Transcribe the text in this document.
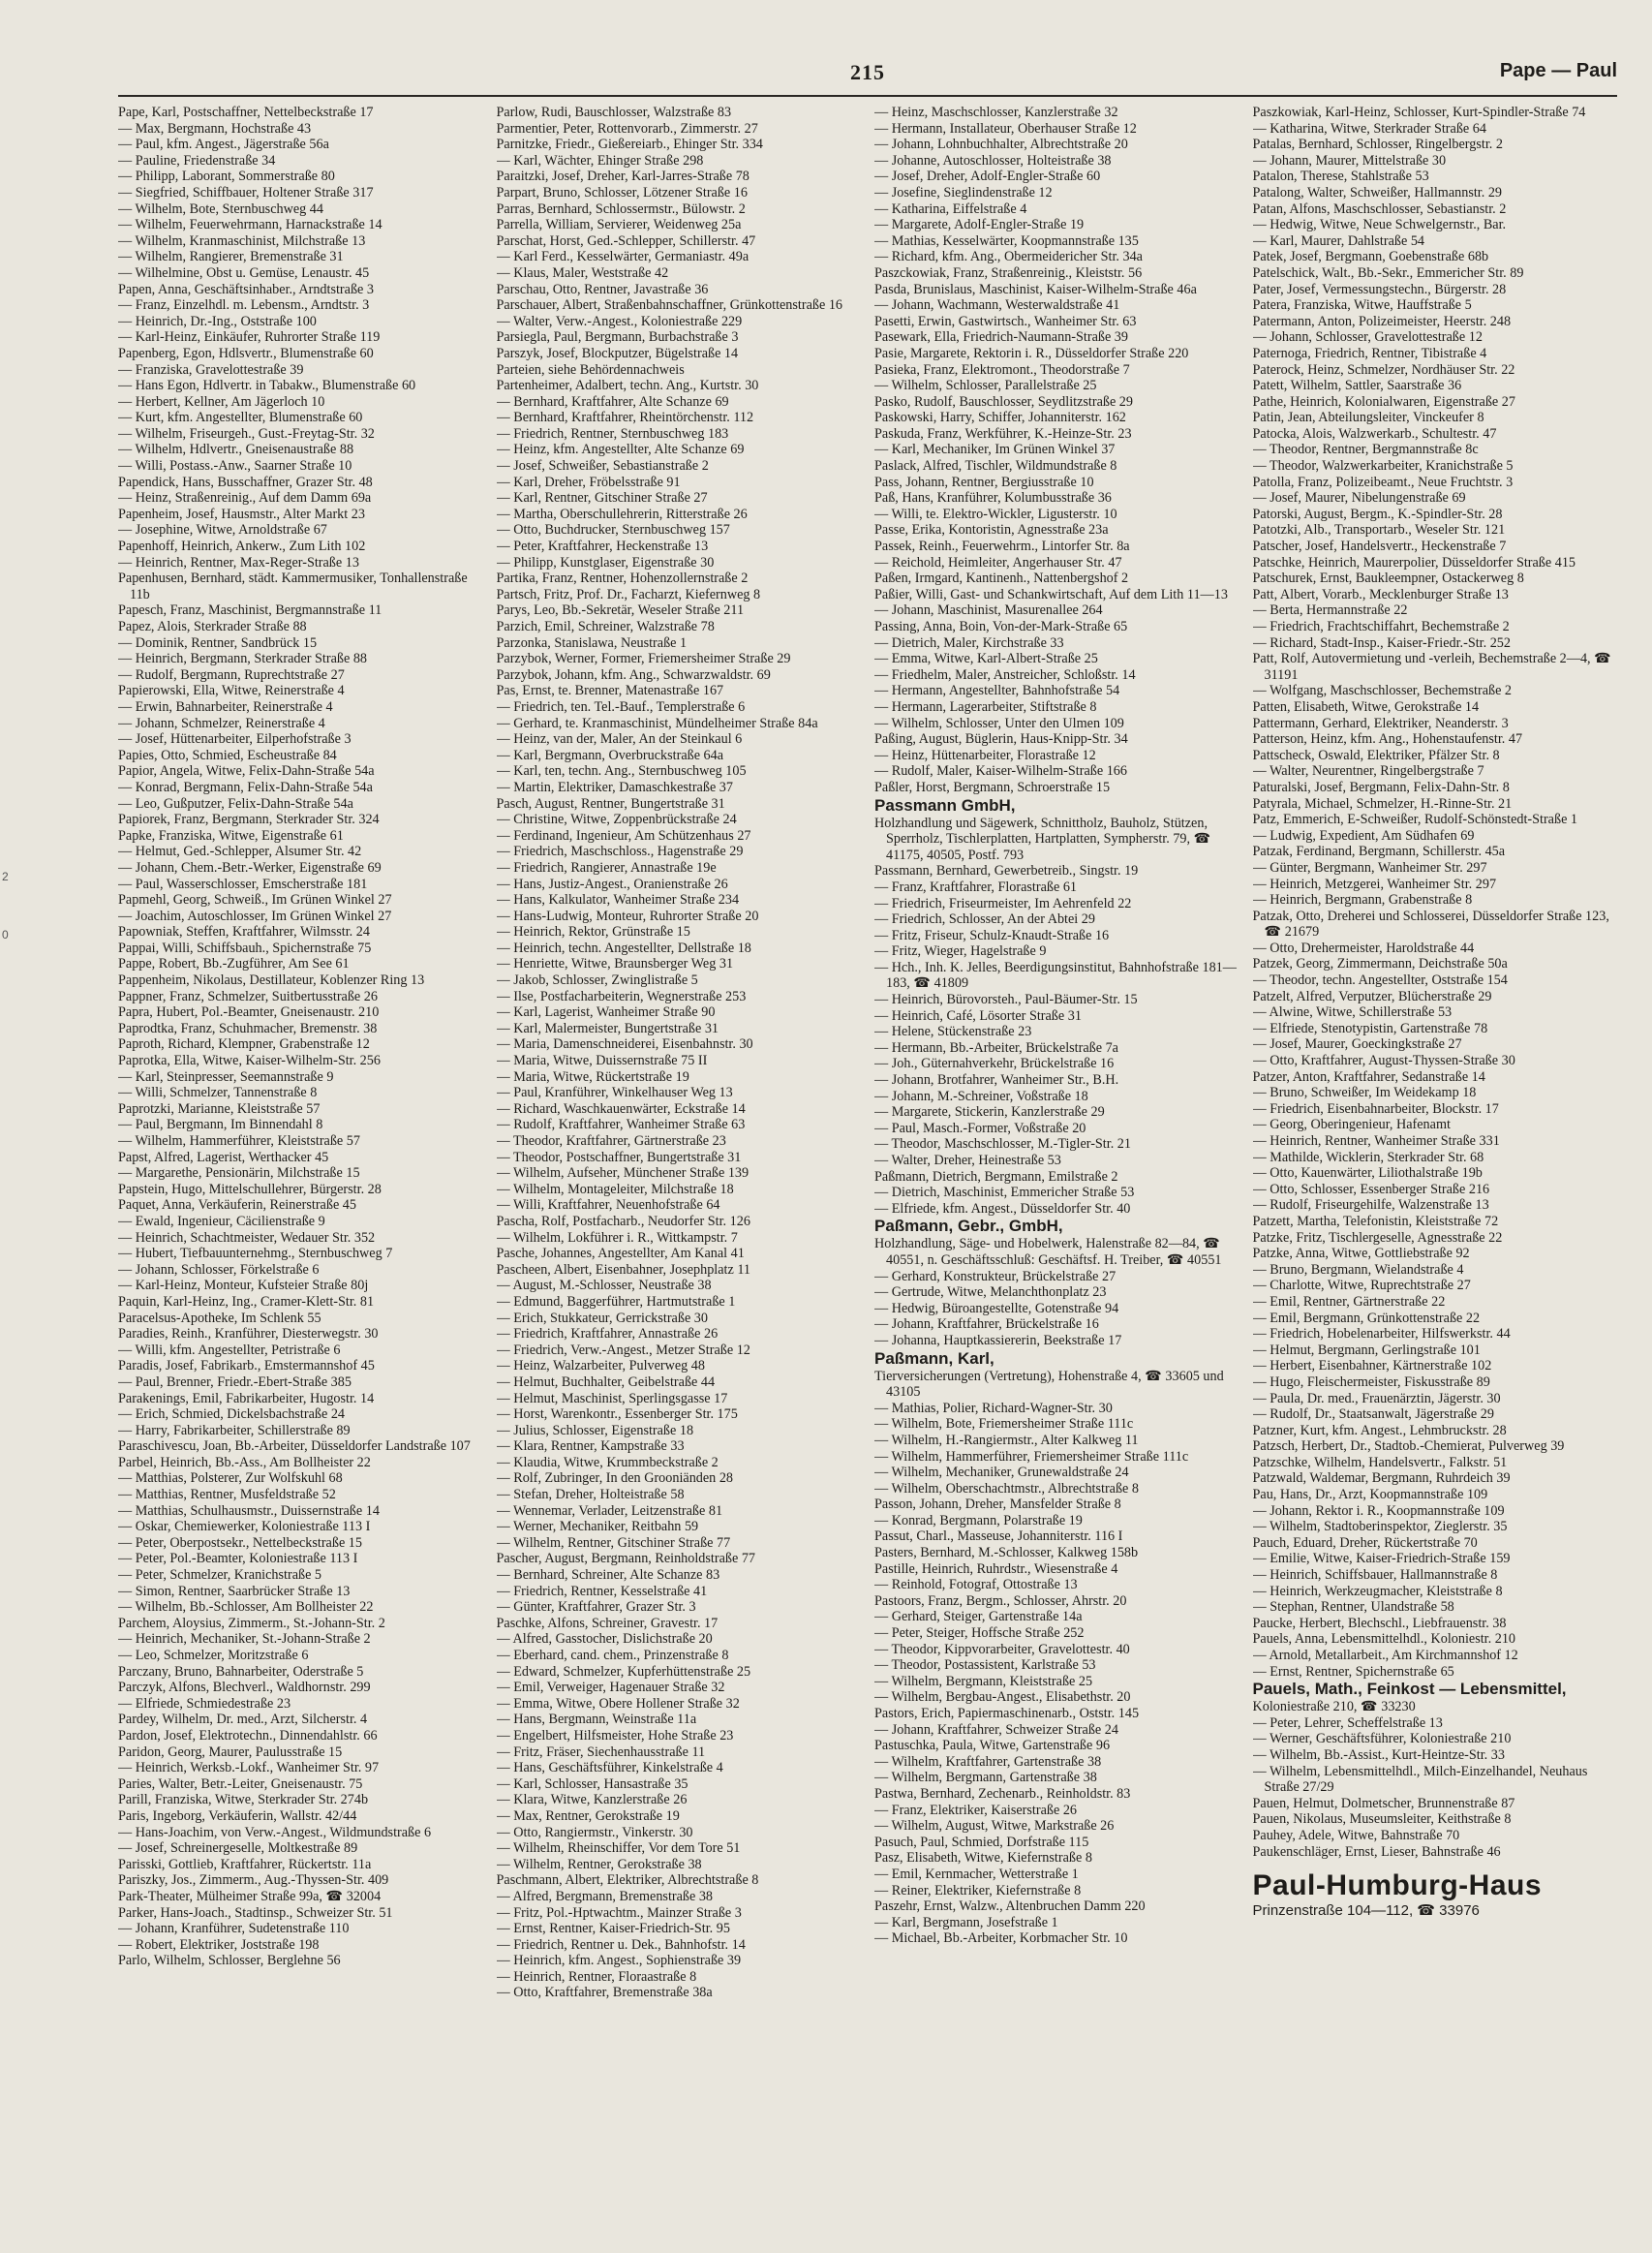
215	Pape — Paul
2
0

Pape, Karl, Postschaffner, Nettelbeckstraße 17

— Max, Bergmann, Hochstraße 43

— Paul, kfm. Angest., Jägerstraße 56a

— Pauline, Friedenstraße 34

— Philipp, Laborant, Sommerstraße 80

— Siegfried, Schiffbauer, Holtener Straße 317

— Wilhelm, Bote, Sternbuschweg 44

— Wilhelm, Feuerwehrmann, Harnackstraße 14

— Wilhelm, Kranmaschinist, Milchstraße 13

— Wilhelm, Rangierer, Bremenstraße 31

— Wilhelmine, Obst u. Gemüse, Lenaustr. 45

Papen, Anna, Geschäftsinhaber., Arndtstraße 3

— Franz, Einzelhdl. m. Lebensm., Arndtstr. 3

— Heinrich, Dr.-Ing., Oststraße 100

— Karl-Heinz, Einkäufer, Ruhrorter Straße 119

Papenberg, Egon, Hdlsvertr., Blumenstraße 60

— Franziska, Gravelottestraße 39

— Hans Egon, Hdlvertr. in Tabakw., Blumenstraße 60

— Herbert, Kellner, Am Jägerloch 10

— Kurt, kfm. Angestellter, Blumenstraße 60

— Wilhelm, Friseurgeh., Gust.-Freytag-Str. 32

— Wilhelm, Hdlvertr., Gneisenaustraße 88

— Willi, Postass.-Anw., Saarner Straße 10

Papendick, Hans, Busschaffner, Grazer Str. 48

— Heinz, Straßenreinig., Auf dem Damm 69a

Papenheim, Josef, Hausmstr., Alter Markt 23

— Josephine, Witwe, Arnoldstraße 67

Papenhoff, Heinrich, Ankerw., Zum Lith 102

— Heinrich, Rentner, Max-Reger-Straße 13

Papenhusen, Bernhard, städt. Kammermusiker, Tonhallenstraße 11b

Papesch, Franz, Maschinist, Bergmannstraße 11

Papez, Alois, Sterkrader Straße 88

— Dominik, Rentner, Sandbrück 15

— Heinrich, Bergmann, Sterkrader Straße 88

— Rudolf, Bergmann, Ruprechtstraße 27

Papierowski, Ella, Witwe, Reinerstraße 4

— Erwin, Bahnarbeiter, Reinerstraße 4

— Johann, Schmelzer, Reinerstraße 4

— Josef, Hüttenarbeiter, Eilperhofstraße 3

Papies, Otto, Schmied, Escheustraße 84

Papior, Angela, Witwe, Felix-Dahn-Straße 54a

— Konrad, Bergmann, Felix-Dahn-Straße 54a

— Leo, Gußputzer, Felix-Dahn-Straße 54a

Papiorek, Franz, Bergmann, Sterkrader Str. 324

Papke, Franziska, Witwe, Eigenstraße 61

— Helmut, Ged.-Schlepper, Alsumer Str. 42

— Johann, Chem.-Betr.-Werker, Eigenstraße 69

— Paul, Wasserschlosser, Emscherstraße 181

Papmehl, Georg, Schweiß., Im Grünen Winkel 27

— Joachim, Autoschlosser, Im Grünen Winkel 27

Papowniak, Steffen, Kraftfahrer, Wilmsstr. 24

Pappai, Willi, Schiffsbauh., Spichernstraße 75

Pappe, Robert, Bb.-Zugführer, Am See 61

Pappenheim, Nikolaus, Destillateur, Koblenzer Ring 13

Pappner, Franz, Schmelzer, Suitbertusstraße 26

Papra, Hubert, Pol.-Beamter, Gneisenaustr. 210

Paprodtka, Franz, Schuhmacher, Bremenstr. 38

Paproth, Richard, Klempner, Grabenstraße 12

Paprotka, Ella, Witwe, Kaiser-Wilhelm-Str. 256

— Karl, Steinpresser, Seemannstraße 9

— Willi, Schmelzer, Tannenstraße 8

Paprotzki, Marianne, Kleiststraße 57

— Paul, Bergmann, Im Binnendahl 8

— Wilhelm, Hammerführer, Kleiststraße 57

Papst, Alfred, Lagerist, Werthacker 45

— Margarethe, Pensionärin, Milchstraße 15

Papstein, Hugo, Mittelschullehrer, Bürgerstr. 28

Paquet, Anna, Verkäuferin, Reinerstraße 45

— Ewald, Ingenieur, Cäcilienstraße 9

— Heinrich, Schachtmeister, Wedauer Str. 352

— Hubert, Tiefbauunternehmg., Sternbuschweg 7

— Johann, Schlosser, Förkelstraße 6

— Karl-Heinz, Monteur, Kufsteier Straße 80j

Paquin, Karl-Heinz, Ing., Cramer-Klett-Str. 81

Paracelsus-Apotheke, Im Schlenk 55

Paradies, Reinh., Kranführer, Diesterwegstr. 30

— Willi, kfm. Angestellter, Petristraße 6

Paradis, Josef, Fabrikarb., Emstermannshof 45

— Paul, Brenner, Friedr.-Ebert-Straße 385

Parakenings, Emil, Fabrikarbeiter, Hugostr. 14

— Erich, Schmied, Dickelsbachstraße 24

— Harry, Fabrikarbeiter, Schillerstraße 89

Paraschivescu, Joan, Bb.-Arbeiter, Düsseldorfer Landstraße 107

Parbel, Heinrich, Bb.-Ass., Am Bollheister 22

— Matthias, Polsterer, Zur Wolfskuhl 68

— Matthias, Rentner, Musfeldstraße 52

— Matthias, Schulhausmstr., Duissernstraße 14

— Oskar, Chemiewerker, Koloniestraße 113 I

— Peter, Oberpostsekr., Nettelbeckstraße 15

— Peter, Pol.-Beamter, Koloniestraße 113 I

— Peter, Schmelzer, Kranichstraße 5

— Simon, Rentner, Saarbrücker Straße 13

— Wilhelm, Bb.-Schlosser, Am Bollheister 22

Parchem, Aloysius, Zimmerm., St.-Johann-Str. 2

— Heinrich, Mechaniker, St.-Johann-Straße 2

— Leo, Schmelzer, Moritzstraße 6

Parczany, Bruno, Bahnarbeiter, Oderstraße 5

Parczyk, Alfons, Blechverl., Waldhornstr. 299

— Elfriede, Schmiedestraße 23

Pardey, Wilhelm, Dr. med., Arzt, Silcherstr. 4

Pardon, Josef, Elektrotechn., Dinnendahlstr. 66

Paridon, Georg, Maurer, Paulusstraße 15

— Heinrich, Werksb.-Lokf., Wanheimer Str. 97

Paries, Walter, Betr.-Leiter, Gneisenaustr. 75

Parill, Franziska, Witwe, Sterkrader Str. 274b

Paris, Ingeborg, Verkäuferin, Wallstr. 42/44

— Hans-Joachim, von Verw.-Angest., Wildmundstraße 6

— Josef, Schreinergeselle, Moltkestraße 89

Parisski, Gottlieb, Kraftfahrer, Rückertstr. 11a

Pariszky, Jos., Zimmerm., Aug.-Thyssen-Str. 409

Park-Theater, Mülheimer Straße 99a, ☎ 32004

Parker, Hans-Joach., Stadtinsp., Schweizer Str. 51

— Johann, Kranführer, Sudetenstraße 110

— Robert, Elektriker, Joststraße 198

Parlo, Wilhelm, Schlosser, Berglehne 56

Parlow, Rudi, Bauschlosser, Walzstraße 83

Parmentier, Peter, Rottenvorarb., Zimmerstr. 27

Parnitzke, Friedr., Gießereiarb., Ehinger Str. 334

— Karl, Wächter, Ehinger Straße 298

Paraitzki, Josef, Dreher, Karl-Jarres-Straße 78

Parpart, Bruno, Schlosser, Lötzener Straße 16

Parras, Bernhard, Schlossermstr., Bülowstr. 2

Parrella, William, Servierer, Weidenweg 25a

Parschat, Horst, Ged.-Schlepper, Schillerstr. 47

— Karl Ferd., Kesselwärter, Germaniastr. 49a

— Klaus, Maler, Weststraße 42

Parschau, Otto, Rentner, Javastraße 36

Parschauer, Albert, Straßenbahnschaffner, Grünkottenstraße 16

— Walter, Verw.-Angest., Koloniestraße 229

Parsiegla, Paul, Bergmann, Burbachstraße 3

Parszyk, Josef, Blockputzer, Bügelstraße 14

Parteien, siehe Behördennachweis

Partenheimer, Adalbert, techn. Ang., Kurtstr. 30

— Bernhard, Kraftfahrer, Alte Schanze 69

— Bernhard, Kraftfahrer, Rheintörchenstr. 112

— Friedrich, Rentner, Sternbuschweg 183

— Heinz, kfm. Angestellter, Alte Schanze 69

— Josef, Schweißer, Sebastianstraße 2

— Karl, Dreher, Fröbelsstraße 91

— Karl, Rentner, Gitschiner Straße 27

— Martha, Oberschullehrerin, Ritterstraße 26

— Otto, Buchdrucker, Sternbuschweg 157

— Peter, Kraftfahrer, Heckenstraße 13

— Philipp, Kunstglaser, Eigenstraße 30

Partika, Franz, Rentner, Hohenzollernstraße 2

Partsch, Fritz, Prof. Dr., Facharzt, Kiefernweg 8

Parys, Leo, Bb.-Sekretär, Weseler Straße 211

Parzich, Emil, Schreiner, Walzstraße 78

Parzonka, Stanislawa, Neustraße 1

Parzybok, Werner, Former, Friemersheimer Straße 29

Parzybok, Johann, kfm. Ang., Schwarzwaldstr. 69

Pas, Ernst, te. Brenner, Matenastraße 167

— Friedrich, ten. Tel.-Bauf., Templerstraße 6

— Gerhard, te. Kranmaschinist, Mündelheimer Straße 84a

— Heinz, van der, Maler, An der Steinkaul 6

— Karl, Bergmann, Overbruckstraße 64a

— Karl, ten, techn. Ang., Sternbuschweg 105

— Martin, Elektriker, Damaschkestraße 37

Pasch, August, Rentner, Bungertstraße 31

— Christine, Witwe, Zoppenbrückstraße 24

— Ferdinand, Ingenieur, Am Schützenhaus 27

— Friedrich, Maschschloss., Hagenstraße 29

— Friedrich, Rangierer, Annastraße 19e

— Hans, Justiz-Angest., Oranienstraße 26

— Hans, Kalkulator, Wanheimer Straße 234

— Hans-Ludwig, Monteur, Ruhrorter Straße 20

— Heinrich, Rektor, Grünstraße 15

— Heinrich, techn. Angestellter, Dellstraße 18

— Henriette, Witwe, Braunsberger Weg 31

— Jakob, Schlosser, Zwinglistraße 5

— Ilse, Postfacharbeiterin, Wegnerstraße 253

— Karl, Lagerist, Wanheimer Straße 90

— Karl, Malermeister, Bungertstraße 31

— Maria, Damenschneiderei, Eisenbahnstr. 30

— Maria, Witwe, Duissernstraße 75 II

— Maria, Witwe, Rückertstraße 19

— Paul, Kranführer, Winkelhauser Weg 13

— Richard, Waschkauenwärter, Eckstraße 14

— Rudolf, Kraftfahrer, Wanheimer Straße 63

— Theodor, Kraftfahrer, Gärtnerstraße 23

— Theodor, Postschaffner, Bungertstraße 31

— Wilhelm, Aufseher, Münchener Straße 139

— Wilhelm, Montageleiter, Milchstraße 18

— Willi, Kraftfahrer, Neuenhofstraße 64

Pascha, Rolf, Postfacharb., Neudorfer Str. 126

— Wilhelm, Lokführer i. R., Wittkampstr. 7

Pasche, Johannes, Angestellter, Am Kanal 41

Pascheen, Albert, Eisenbahner, Josephplatz 11

— August, M.-Schlosser, Neustraße 38

— Edmund, Baggerführer, Hartmutstraße 1

— Erich, Stukkateur, Gerrickstraße 30

— Friedrich, Kraftfahrer, Annastraße 26

— Friedrich, Verw.-Angest., Metzer Straße 12

— Heinz, Walzarbeiter, Pulverweg 48

— Helmut, Buchhalter, Geibelstraße 44

— Helmut, Maschinist, Sperlingsgasse 17

— Horst, Warenkontr., Essenberger Str. 175

— Julius, Schlosser, Eigenstraße 18

— Klara, Rentner, Kampstraße 33

— Klaudia, Witwe, Krummbeckstraße 2

— Rolf, Zubringer, In den Grooniänden 28

— Stefan, Dreher, Holteistraße 58

— Wennemar, Verlader, Leitzenstraße 81

— Werner, Mechaniker, Reitbahn 59

— Wilhelm, Rentner, Gitschiner Straße 77

Pascher, August, Bergmann, Reinholdstraße 77

— Bernhard, Schreiner, Alte Schanze 83

— Friedrich, Rentner, Kesselstraße 41

— Günter, Kraftfahrer, Grazer Str. 3

Paschke, Alfons, Schreiner, Gravestr. 17

— Alfred, Gasstocher, Dislichstraße 20

— Eberhard, cand. chem., Prinzenstraße 8

— Edward, Schmelzer, Kupferhüttenstraße 25

— Emil, Verweiger, Hagenauer Straße 32

— Emma, Witwe, Obere Hollener Straße 32

— Hans, Bergmann, Weinstraße 11a

— Engelbert, Hilfsmeister, Hohe Straße 23

— Fritz, Fräser, Siechenhausstraße 11

— Hans, Geschäftsführer, Kinkelstraße 4

— Karl, Schlosser, Hansastraße 35

— Klara, Witwe, Kanzlerstraße 26

— Max, Rentner, Gerokstraße 19

— Otto, Rangiermstr., Vinkerstr. 30

— Wilhelm, Rheinschiffer, Vor dem Tore 51

— Wilhelm, Rentner, Gerokstraße 38

Paschmann, Albert, Elektriker, Albrechtstraße 8

— Alfred, Bergmann, Bremenstraße 38

— Fritz, Pol.-Hptwachtm., Mainzer Straße 3

— Ernst, Rentner, Kaiser-Friedrich-Str. 95

— Friedrich, Rentner u. Dek., Bahnhofstr. 14

— Heinrich, kfm. Angest., Sophienstraße 39

— Heinrich, Rentner, Floraastraße 8

— Otto, Kraftfahrer, Bremenstraße 38a

— Heinz, Maschschlosser, Kanzlerstraße 32

— Hermann, Installateur, Oberhauser Straße 12

— Johann, Lohnbuchhalter, Albrechtstraße 20

— Johanne, Autoschlosser, Holteistraße 38

— Josef, Dreher, Adolf-Engler-Straße 60

— Josefine, Sieglindenstraße 12

— Katharina, Eiffelstraße 4

— Margarete, Adolf-Engler-Straße 19

— Mathias, Kesselwärter, Koopmannstraße 135

— Richard, kfm. Ang., Obermeidericher Str. 34a

Paszckowiak, Franz, Straßenreinig., Kleiststr. 56

Pasda, Brunislaus, Maschinist, Kaiser-Wilhelm-Straße 46a

— Johann, Wachmann, Westerwaldstraße 41

Pasetti, Erwin, Gastwirtsch., Wanheimer Str. 63

Pasewark, Ella, Friedrich-Naumann-Straße 39

Pasie, Margarete, Rektorin i. R., Düsseldorfer Straße 220

Pasieka, Franz, Elektromont., Theodorstraße 7

— Wilhelm, Schlosser, Parallelstraße 25

Pasko, Rudolf, Bauschlosser, Seydlitzstraße 29

Paskowski, Harry, Schiffer, Johanniterstr. 162

Paskuda, Franz, Werkführer, K.-Heinze-Str. 23

— Karl, Mechaniker, Im Grünen Winkel 37

Paslack, Alfred, Tischler, Wildmundstraße 8

Pass, Johann, Rentner, Bergiusstraße 10

Paß, Hans, Kranführer, Kolumbusstraße 36

— Willi, te. Elektro-Wickler, Ligusterstr. 10

Passe, Erika, Kontoristin, Agnesstraße 23a

Passek, Reinh., Feuerwehrm., Lintorfer Str. 8a

— Reichold, Heimleiter, Angerhauser Str. 47

Paßen, Irmgard, Kantinenh., Nattenbergshof 2

Paßier, Willi, Gast- und Schankwirtschaft, Auf dem Lith 11—13

— Johann, Maschinist, Masurenallee 264

Passing, Anna, Boin, Von-der-Mark-Straße 65

— Dietrich, Maler, Kirchstraße 33

— Emma, Witwe, Karl-Albert-Straße 25

— Friedhelm, Maler, Anstreicher, Schloßstr. 14

— Hermann, Angestellter, Bahnhofstraße 54

— Hermann, Lagerarbeiter, Stiftstraße 8

— Wilhelm, Schlosser, Unter den Ulmen 109

Paßing, August, Bügleri​n, Haus-Knipp-Str. 34

— Heinz, Hüttenarbeiter, Florastraße 12

— Rudolf, Maler, Kaiser-Wilhelm-Straße 166

Paßler, Horst, Bergmann, Schroerstraße 15

Passmann GmbH,

Holzhandlung und Sägewerk, Schnittholz, Bauholz, Stützen, Sperrholz, Tischlerplatten, Hartplatten, Sympherstr. 79, ☎ 41175, 40505, Postf. 793

Passmann, Bernhard, Gewerbetreib., Singstr. 19

— Franz, Kraftfahrer, Florastraße 61

— Friedrich, Friseurmeister, Im Aehrenfeld 22

— Friedrich, Schlosser, An der Abtei 29

— Fritz, Friseur, Schulz-Knaudt-Straße 16

— Fritz, Wieger, Hagelstraße 9

— Hch., Inh. K. Jelles, Beerdigungsinstitut, Bahnhofstraße 181—183, ☎ 41809

— Heinrich, Bürovorsteh., Paul-Bäumer-Str. 15

— Heinrich, Café, Lösorter Straße 31

— Helene, Stückenstraße 23

— Hermann, Bb.-Arbeiter, Brückelstraße 7a

— Joh., Güternahverkehr, Brückelstraße 16

— Johann, Brotfahrer, Wanheimer Str., B.H.

— Johann, M.-Schreiner, Voßstraße 18

— Margarete, Stickerin, Kanzlerstraße 29

— Paul, Masch.-Former, Voßstraße 20

— Theodor, Maschschlosser, M.-Tigler-Str. 21

— Walter, Dreher, Heinestraße 53

Paßmann, Dietrich, Bergmann, Emilstraße 2

— Dietrich, Maschinist, Emmericher Straße 53

— Elfriede, kfm. Angest., Düsseldorfer Str. 40

Paßmann, Gebr., GmbH,

Holzhandlung, Säge- und Hobelwerk, Halenstraße 82—84, ☎ 40551, n. Geschäftsschluß: Geschäftsf. H. Treiber, ☎ 40551

— Gerhard, Konstrukteur, Brückelstraße 27

— Gertrude, Witwe, Melanchthonplatz 23

— Hedwig, Büroangestellte, Gotenstraße 94

— Johann, Kraftfahrer, Brückelstraße 16

— Johanna, Hauptkassiererin, Beekstraße 17

Paßmann, Karl,

Tierversicherungen (Vertretung), Hohenstraße 4, ☎ 33605 und 43105

— Mathias, Polier, Richard-Wagner-Str. 30

— Wilhelm, Bote, Friemersheimer Straße 111c

— Wilhelm, H.-Rangiermstr., Alter Kalkweg 11

— Wilhelm, Hammerführer, Friemersheimer Straße 111c

— Wilhelm, Mechaniker, Grunewaldstraße 24

— Wilhelm, Oberschachtmstr., Albrechtstraße 8

Passon, Johann, Dreher, Mansfelder Straße 8

— Konrad, Bergmann, Polarstraße 19

Passut, Charl., Masseuse, Johanniterstr. 116 I

Pasters, Bernhard, M.-Schlosser, Kalkweg 158b

Pastille, Heinrich, Ruhrdstr., Wiesenstraße 4

— Reinhold, Fotograf, Ottostraße 13

Pastoors, Franz, Bergm., Schlosser, Ahrstr. 20

— Gerhard, Steiger, Gartenstraße 14a

— Peter, Steiger, Hoffsche Straße 252

— Theodor, Kippvorarbeiter, Gravelottestr. 40

— Theodor, Postassistent, Karlstraße 53

— Wilhelm, Bergmann, Kleiststraße 25

— Wilhelm, Bergbau-Angest., Elisabethstr. 20

Pastors, Erich, Papiermaschinenarb., Oststr. 145

— Johann, Kraftfahrer, Schweizer Straße 24

Pastuschka, Paula, Witwe, Gartenstraße 96

— Wilhelm, Kraftfahrer, Gartenstraße 38

— Wilhelm, Bergmann, Gartenstraße 38

Pastwa, Bernhard, Zechenarb., Reinholdstr. 83

— Franz, Elektriker, Kaiserstraße 26

— Wilhelm, August, Witwe, Markstraße 26

Pasuch, Paul, Schmied, Dorfstraße 115

Pasz, Elisabeth, Witwe, Kiefernstraße 8

— Emil, Kernmacher, Wetterstraße 1

— Reiner, Elektriker, Kiefernstraße 8

Paszehr, Ernst, Walzw., Altenbruchen Damm 220

— Karl, Bergmann, Josefstraße 1

— Michael, Bb.-Arbeiter, Korbmacher Str. 10

Paszkowiak, Karl-Heinz, Schlosser, Kurt-Spindler-Straße 74

— Katharina, Witwe, Sterkrader Straße 64

Patalas, Bernhard, Schlosser, Ringelbergstr. 2

— Johann, Maurer, Mittelstraße 30

Patalon, Therese, Stahlstraße 53

Patalong, Walter, Schweißer, Hallmannstr. 29

Patan, Alfons, Maschschlosser, Sebastianstr. 2

— Hedwig, Witwe, Neue Schwelgernstr., Bar.

— Karl, Maurer, Dahlstraße 54

Patek, Josef, Bergmann, Goebenstraße 68b

Patelschick, Walt., Bb.-Sekr., Emmericher Str. 89

Pater, Josef, Vermessungstechn., Bürgerstr. 28

Patera, Franziska, Witwe, Hauffstraße 5

Patermann, Anton, Polizeimeister, Heerstr. 248

— Johann, Schlosser, Gravelottestraße 12

Paternoga, Friedrich, Rentner, Tibistraße 4

Paterock, Heinz, Schmelzer, Nordhäuser Str. 22

Patett, Wilhelm, Sattler, Saarstraße 36

Pathe, Heinrich, Kolonialwaren, Eigenstraße 27

Patin, Jean, Abteilungsleiter, Vinckeufer 8

Patocka, Alois, Walzwerkarb., Schultestr. 47

— Theodor, Rentner, Bergmannstraße 8c

— Theodor, Walzwerkarbeiter, Kranichstraße 5

Patolla, Franz, Polizeibeamt., Neue Fruchtstr. 3

— Josef, Maurer, Nibelungenstraße 69

Patorski, August, Bergm., K.-Spindler-Str. 28

Patotzki, Alb., Transportarb., Weseler Str. 121

Patscher, Josef, Handelsvertr., Heckenstraße 7

Patschke, Heinrich, Maurerpolier, Düsseldorfer Straße 415

Patschurek, Ernst, Baukleempner, Ostackerweg 8

Patt, Albert, Vorarb., Mecklenburger Straße 13

— Berta, Hermannstraße 22

— Friedrich, Frachtschiffahrt, Bechemstraße 2

— Richard, Stadt-Insp., Kaiser-Friedr.-Str. 252

Patt, Rolf, Autovermietung und -verleih, Bechemstraße 2—4, ☎ 31191

— Wolfgang, Maschschlosser, Bechemstraße 2

Patten, Elisabeth, Witwe, Gerokstraße 14

Pattermann, Gerhard, Elektriker, Neanderstr. 3

Patterson, Heinz, kfm. Ang., Hohenstaufenstr. 47

Pattscheck, Oswald, Elektriker, Pfälzer Str. 8

— Walter, Neurentner, Ringelbergstraße 7

Paturalski, Josef, Bergmann, Felix-Dahn-Str. 8

Patyrala, Michael, Schmelzer, H.-Rinne-Str. 21

Patz, Emmerich, E-Schweißer, Rudolf-Schönstedt-Straße 1

— Ludwig, Expedient, Am Südhafen 69

Patzak, Ferdinand, Bergmann, Schillerstr. 45a

— Günter, Bergmann, Wanheimer Str. 297

— Heinrich, Metzgerei, Wanheimer Str. 297

— Heinrich, Bergmann, Grabenstraße 8

Patzak, Otto, Dreherei und Schlosserei, Düsseldorfer Straße 123, ☎ 21679

— Otto, Drehermeister, Haroldstraße 44

Patzek, Georg, Zimmermann, Deichstraße 50a

— Theodor, techn. Angestellter, Oststraße 154

Patzelt, Alfred, Verputzer, Blücherstraße 29

— Alwine, Witwe, Schillerstraße 53

— Elfriede, Stenotypistin, Gartenstraße 78

— Josef, Maurer, Goeckingkstraße 27

— Otto, Kraftfahrer, August-Thyssen-Straße 30

Patzer, Anton, Kraftfahrer, Sedanstraße 14

— Bruno, Schweißer, Im Weidekamp 18

— Friedrich, Eisenbahnarbeiter, Blockstr. 17

— Georg, Oberingenieur, Hafenamt

— Heinrich, Rentner, Wanheimer Straße 331

— Mathilde, Wicklerin, Sterkrader Str. 68

— Otto, Kauenwärter, Liliothalstraße 19b

— Otto, Schlosser, Essenberger Straße 216

— Rudolf, Friseurgehilfe, Walzenstraße 13

Patzett, Martha, Telefonistin, Kleiststraße 72

Patzke, Fritz, Tischlergeselle, Agnesstraße 22

Patzke, Anna, Witwe, Gottliebstraße 92

— Bruno, Bergmann, Wielandstraße 4

— Charlotte, Witwe, Ruprechtstraße 27

— Emil, Rentner, Gärtnerstraße 22

— Emil, Bergmann, Grünkottenstraße 22

— Friedrich, Hobelenarbeiter, Hilfswerkstr. 44

— Helmut, Bergmann, Gerlingstraße 101

— Herbert, Eisenbahner, Kärtnerstraße 102

— Hugo, Fleischermeister, Fiskusstraße 89

— Paula, Dr. med., Frauenärztin, Jägerstr. 30

— Rudolf, Dr., Staatsanwalt, Jägerstraße 29

Patzner, Kurt, kfm. Angest., Lehmbruckstr. 28

Patzsch, Herbert, Dr., Stadtob.-Chemierat, Pulverweg 39

Patzschke, Wilhelm, Handelsvertr., Falkstr. 51

Patzwald, Waldemar, Bergmann, Ruhrdeich 39

Pau, Hans, Dr., Arzt, Koopmannstraße 109

— Johann, Rektor i. R., Koopmannstraße 109

— Wilhelm, Stadtoberinspektor, Zieglerstr. 35

Pauch, Eduard, Dreher, Rückertstraße 70

— Emilie, Witwe, Kaiser-Friedrich-Straße 159

— Heinrich, Schiffsbauer, Hallmannstraße 8

— Heinrich, Werkzeugmacher, Kleiststraße 8

— Stephan, Rentner, Ulandstraße 58

Paucke, Herbert, Blechschl., Liebfrauenstr. 38

Pauels, Anna, Lebensmittelhdl., Koloniestr. 210

— Arnold, Metallarbeit., Am Kirchmannshof 12

— Ernst, Rentner, Spichernstraße 65

Pauels, Math., Feinkost — Lebensmittel,

Koloniestraße 210, ☎ 33230

— Peter, Lehrer, Scheffelstraße 13

— Werner, Geschäftsführer, Koloniestraße 210

— Wilhelm, Bb.-Assist., Kurt-Heintze-Str. 33

— Wilhelm, Lebensmittelhdl., Milch-Einzelhandel, Neuhaus Straße 27/29

Pauen, Helmut, Dolmetscher, Brunnenstraße 87

Pauen, Nikolaus, Museumsleiter, Keithstraße 8

Pauhey, Adele, Witwe, Bahnstraße 70

Paukenschläger, Ernst, Lieser, Bahnstraße 46

Paul-Humburg-Haus
Prinzenstraße 104—112, ☎ 33976
